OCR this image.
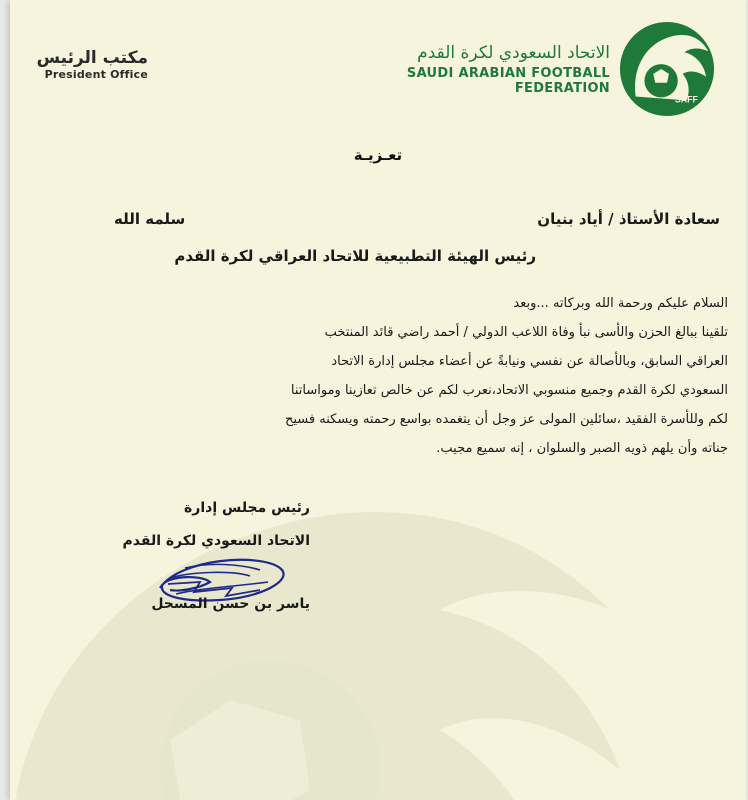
مكتب الرئيس
President Office
الاتحاد السعودي لكرة القدم
SAUDI ARABIAN FOOTBALL FEDERATION
SAFF
تعـزيـة
سعادة الأستاذ / أياد بنيان
سلمه الله
رئيس الهيئة التطبيعية للاتحاد العراقي لكرة القدم
السلام عليكم ورحمة الله وبركاته ...وبعد
تلقينا ببالغ الحزن والأسى نبأ وفاة اللاعب الدولي / أحمد راضي قائد المنتخب
العراقي السابق، وبالأصالة عن نفسي ونيابةً عن أعضاء مجلس إدارة الاتحاد
السعودي لكرة القدم وجميع منسوبي الاتحاد،نعرب لكم عن خالص تعازينا ومواساتنا
لكم وللأسرة الفقيد ،سائلين المولى عز وجل أن يتغمده بواسع رحمته ويسكنه فسيح
جناته وأن يلهم ذويه الصبر والسلوان ، إنه سميع مجيب.
رئيس مجلس إدارة
الاتحاد السعودي لكرة القدم
ياسر بن حسن المسحل
